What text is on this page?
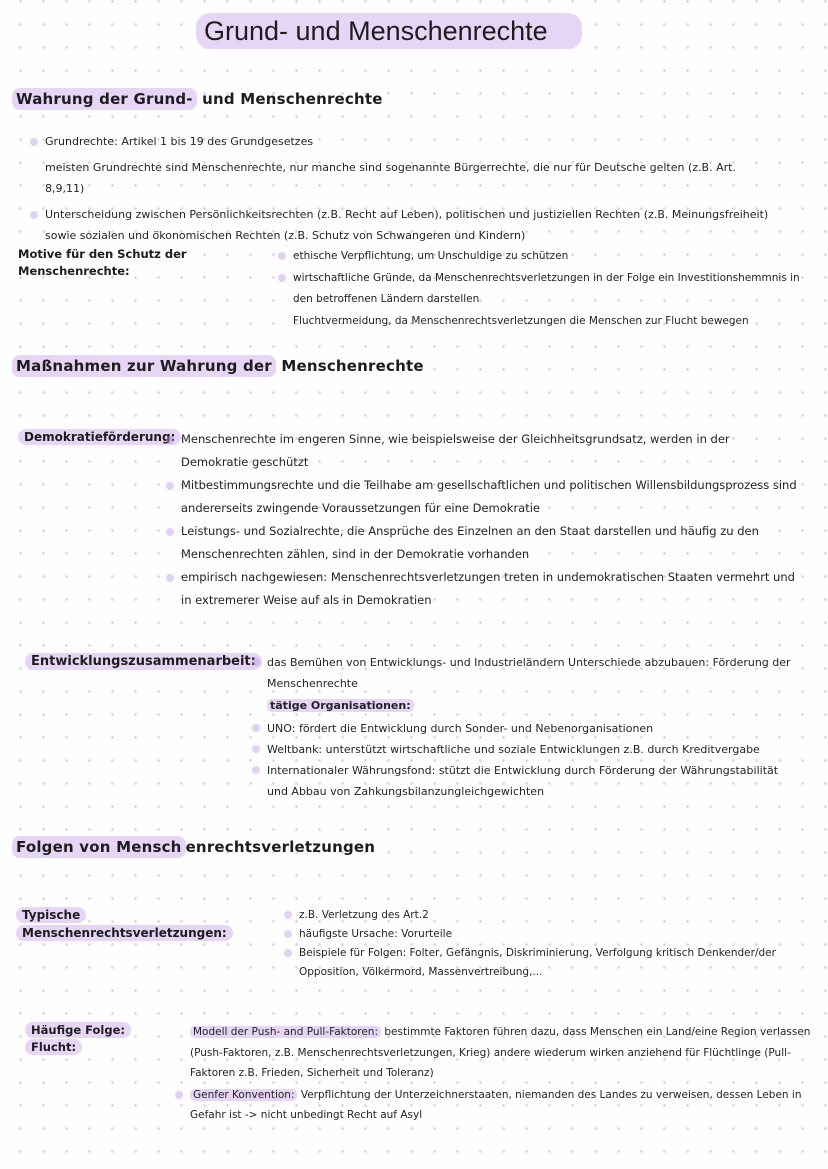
Grund- und Menschenrechte
Wahrung der Grund- und Menschenrechte
Grundrechte: Artikel 1 bis 19 des Grundgesetzes
meisten Grundrechte sind Menschenrechte, nur manche sind sogenannte Bürgerrechte, die nur für Deutsche gelten (z.B. Art. 8,9,11)
Unterscheidung zwischen Persönlichkeitsrechten (z.B. Recht auf Leben), politischen und justiziellen Rechten (z.B. Meinungsfreiheit) sowie sozialen und ökonomischen Rechten (z.B. Schutz von Schwangeren und Kindern)
Motive für den Schutz der Menschenrechte:
ethische Verpflichtung, um Unschuldige zu schützen
wirtschaftliche Gründe, da Menschenrechtsverletzungen in der Folge ein Investitionshemmnis in den betroffenen Ländern darstellen
Fluchtvermeidung, da Menschenrechtsverletzungen die Menschen zur Flucht bewegen
Maßnahmen zur Wahrung der Menschenrechte
Demokratieförderung: Menschenrechte im engeren Sinne, wie beispielsweise der Gleichheitsgrundsatz, werden in der Demokratie geschützt
Mitbestimmungsrechte und die Teilhabe am gesellschaftlichen und politischen Willensbildungsprozess sind andererseits zwingende Voraussetzungen für eine Demokratie
Leistungs- und Sozialrechte, die Ansprüche des Einzelnen an den Staat darstellen und häufig zu den Menschenrechten zählen, sind in der Demokratie vorhanden
empirisch nachgewiesen: Menschenrechtsverletzungen treten in undemokratischen Staaten vermehrt und in extremerer Weise auf als in Demokratien
Entwicklungszusammenarbeit: das Bemühen von Entwicklungs- und Industrieländern Unterschiede abzubauen: Förderung der Menschenrechte
tätige Organisationen:
UNO: fördert die Entwicklung durch Sonder- und Nebenorganisationen
Weltbank: unterstützt wirtschaftliche und soziale Entwicklungen z.B. durch Kreditvergabe
Internationaler Währungsfond: stützt die Entwicklung durch Förderung der Währungstabilität und Abbau von Zahkungsbilanzungleichgewichten
Folgen von Mensch enrechtsverletzungen
Typische Menschenrechtsverletzungen:
z.B. Verletzung des Art.2
häufigste Ursache: Vorurteile
Beispiele für Folgen: Folter, Gefängnis, Diskriminierung, Verfolgung kritisch Denkender/der Opposition, Völkermord, Massenvertreibung,...
Häufige Folge: Flucht:
Modell der Push- and Pull-Faktoren: bestimmte Faktoren führen dazu, dass Menschen ein Land/eine Region verlassen (Push-Faktoren, z.B. Menschenrechtsverletzungen, Krieg) andere wiederum wirken anziehend für Flüchtlinge (Pull-Faktoren z.B. Frieden, Sicherheit und Toleranz)
Genfer Konvention: Verpflichtung der Unterzeichnerstaaten, niemanden des Landes zu verweisen, dessen Leben in Gefahr ist -> nicht unbedingt Recht auf Asyl
